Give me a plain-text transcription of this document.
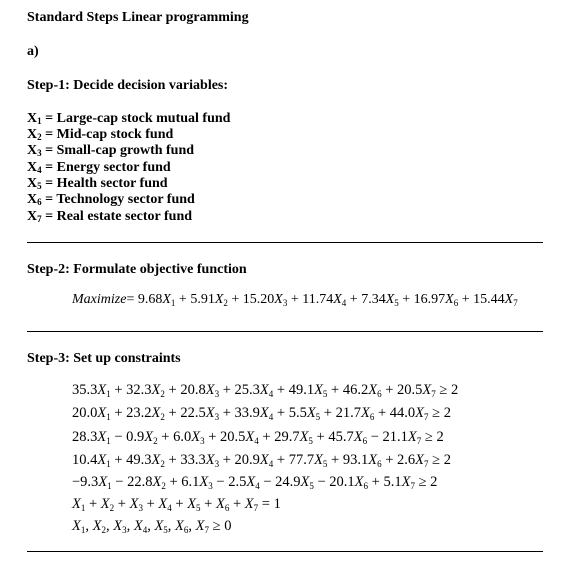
Standard Steps Linear programming
a)
Step-1: Decide decision variables:
$X_1$ = Large-cap stock mutual fund
$X_2 = Mid-cap$ stock fund
$X_3$ = Small-cap growth fund
$X_4$ = Energy sector fund
$X_5$ = Health sector fund
$X_6$ = Technology sector fund
$X_7$ = Real estate sector fund
Step-2: Formulate objective function
Maximize= $9.68X_1 + 5.91X_2 + 15.20X_3 + 11.74X_4 + 7.34X_5 + 16.97X_6 + 15.44X_7$
Step-3: Set up constraints
$35.3X_1 + 32.3X_2 + 20.8X_3 + 25.3X_4 + 49.1X_5 + 46.2X_6 + 20.5X_7 \ge 2$
$20.0X_1 + 23.2X_2 + 22.5X_3 + 33.9X_4 + 5.5X_5 + 21.7X_6 + 44.0X_7 \ge 2$
$28.3X_1 - 0.9X_2 + 6.0X_3 + 20.5X_4 + 29.7X_5 + 45.7X_6 - 21.1X_7 \ge 2$
$10.4X_1 + 49.3X_2 + 33.3X_3 + 20.9X_4 + 77.7X_5 + 93.1X_6 + 2.6X_7 \ge 2$
$-9.3X_1 - 22.8X_2 + 6.1X_3 - 2.5X_4 - 24.9X_5 - 20.1X_6 + 5.1X_7 \ge 2$
$X_1 + X_2 + X_3 + X_4 + X_5 + X_6 + X_7 = 1$
$X_1$, $X_2$, $X_3$, $X_4$, $X_5$, $X_6$, $X_7 \ge 0$
